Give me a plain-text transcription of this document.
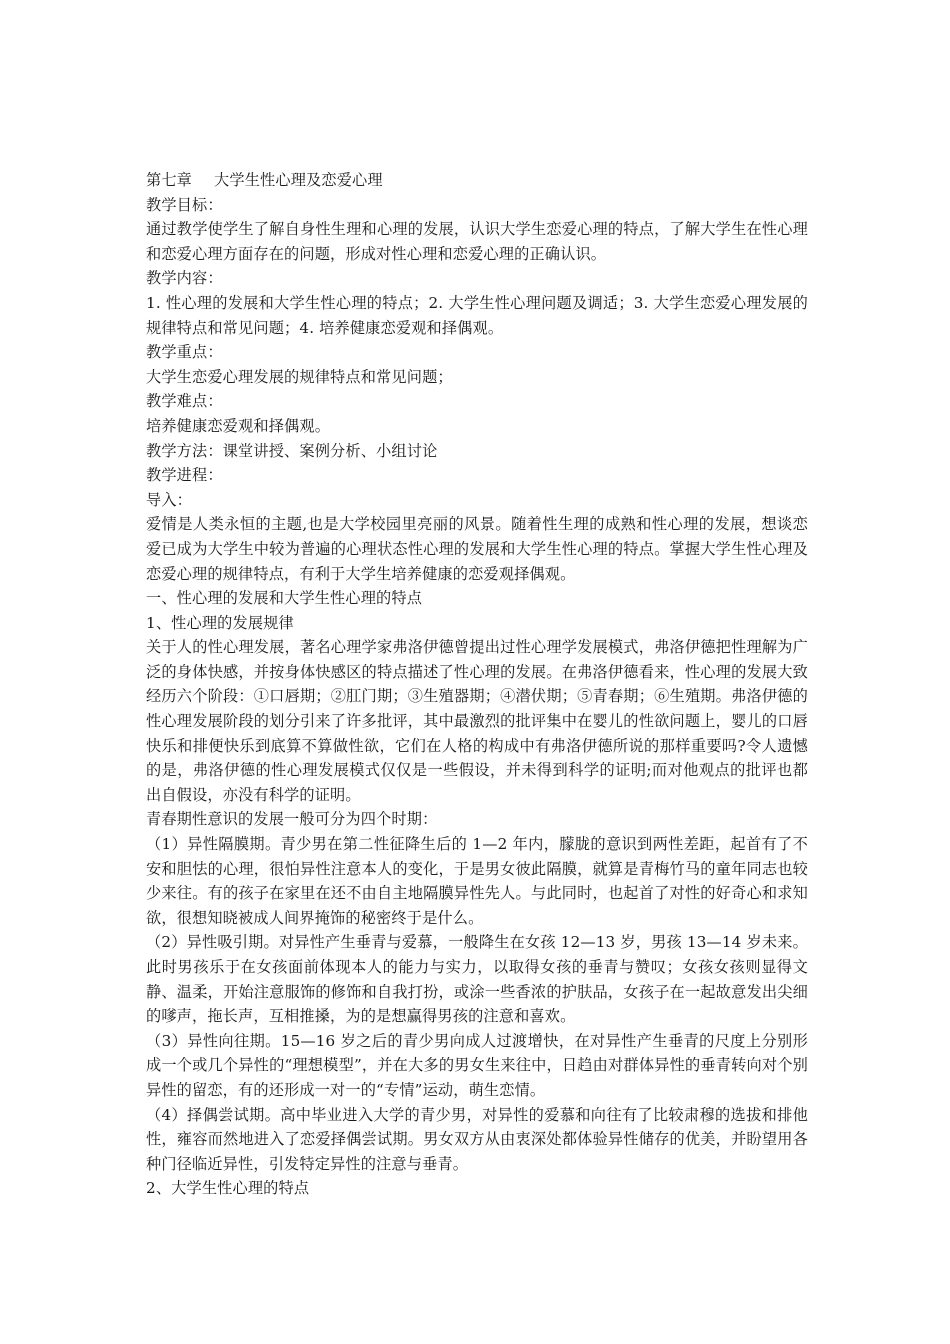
第七章 大学生性心理及恋爱心理

教学目标：

通过教学使学生了解自身性生理和心理的发展，认识大学生恋爱心理的特点，了解大学生在性心理和恋爱心理方面存在的问题，形成对性心理和恋爱心理的正确认识。

教学内容：

1. 性心理的发展和大学生性心理的特点；2. 大学生性心理问题及调适；3. 大学生恋爱心理发展的规律特点和常见问题；4. 培养健康恋爱观和择偶观。

教学重点：

大学生恋爱心理发展的规律特点和常见问题；

教学难点：

培养健康恋爱观和择偶观。

教学方法：课堂讲授、案例分析、小组讨论

教学进程：

导入：

爱情是人类永恒的主题,也是大学校园里亮丽的风景。随着性生理的成熟和性心理的发展，想谈恋爱已成为大学生中较为普遍的心理状态性心理的发展和大学生性心理的特点。掌握大学生性心理及恋爱心理的规律特点，有利于大学生培养健康的恋爱观择偶观。

一、性心理的发展和大学生性心理的特点

1、性心理的发展规律

关于人的性心理发展，著名心理学家弗洛伊德曾提出过性心理学发展模式，弗洛伊德把性理解为广泛的身体快感，并按身体快感区的特点描述了性心理的发展。在弗洛伊德看来，性心理的发展大致经历六个阶段：①口唇期；②肛门期；③生殖器期；④潜伏期；⑤青春期；⑥生殖期。弗洛伊德的性心理发展阶段的划分引来了许多批评，其中最激烈的批评集中在婴儿的性欲问题上，婴儿的口唇快乐和排便快乐到底算不算做性欲，它们在人格的构成中有弗洛伊德所说的那样重要吗?令人遗憾的是，弗洛伊德的性心理发展模式仅仅是一些假设，并未得到科学的证明;而对他观点的批评也都出自假设，亦没有科学的证明。

青春期性意识的发展一般可分为四个时期：

（1）异性隔膜期。青少男在第二性征降生后的 1—2 年内，朦胧的意识到两性差距，起首有了不安和胆怯的心理，很怕异性注意本人的变化，于是男女彼此隔膜，就算是青梅竹马的童年同志也较少来往。有的孩子在家里在还不由自主地隔膜异性先人。与此同时，也起首了对性的好奇心和求知欲，很想知晓被成人间界掩饰的秘密终于是什么。

（2）异性吸引期。对异性产生垂青与爱慕，一般降生在女孩 12—13 岁，男孩 13—14 岁未来。此时男孩乐于在女孩面前体现本人的能力与实力，以取得女孩的垂青与赞叹；女孩女孩则显得文静、温柔，开始注意服饰的修饰和自我打扮，或涂一些香浓的护肤品，女孩子在一起故意发出尖细的嗲声，拖长声，互相推搡，为的是想赢得男孩的注意和喜欢。

（3）异性向往期。15—16 岁之后的青少男向成人过渡增快，在对异性产生垂青的尺度上分别形成一个或几个异性的“理想模型”，并在大多的男女生来往中，日趋由对群体异性的垂青转向对个别异性的留恋，有的还形成一对一的“专情”运动，萌生恋情。

（4）择偶尝试期。高中毕业进入大学的青少男，对异性的爱慕和向往有了比较肃穆的选拔和排他性，雍容而然地进入了恋爱择偶尝试期。男女双方从由衷深处都体验异性储存的优美，并盼望用各种门径临近异性，引发特定异性的注意与垂青。

2、大学生性心理的特点
